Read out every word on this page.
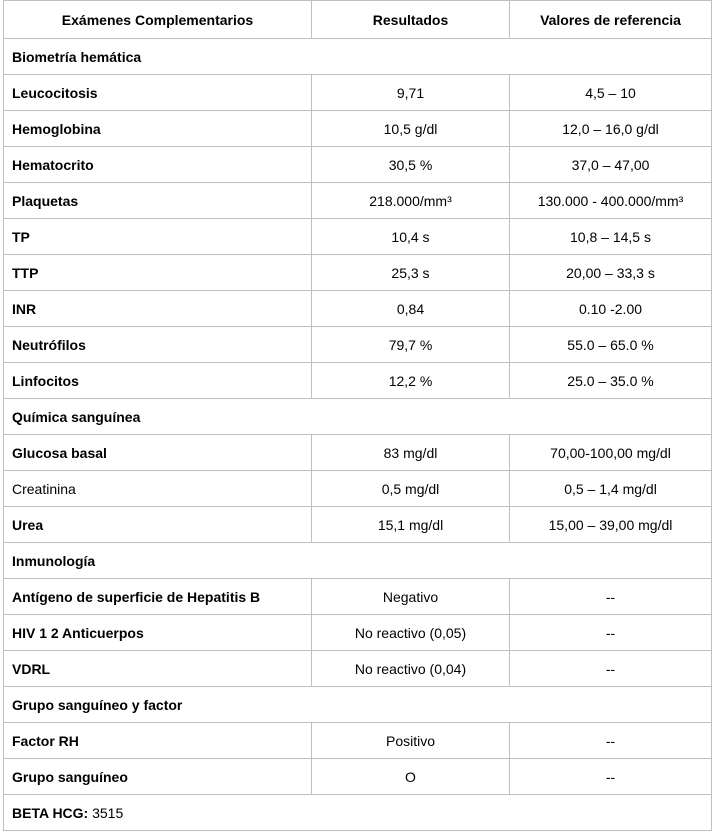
Exámenes Complementarios	Resultados	Valores de referencia
Biometría hemática		
Leucocitosis	9,71	4,5 – 10
Hemoglobina	10,5 g/dl	12,0 – 16,0 g/dl
Hematocrito	30,5 %	37,0 – 47,00
Plaquetas	218.000/mm³	130.000 - 400.000/mm³
TP	10,4 s	10,8 – 14,5 s
TTP	25,3 s	20,00 – 33,3 s
INR	0,84	0.10 -2.00
Neutrófilos	79,7 %	55.0 – 65.0 %
Linfocitos	12,2 %	25.0 – 35.0 %
Química sanguínea		
Glucosa basal	83 mg/dl	70,00-100,00 mg/dl
Creatinina	0,5 mg/dl	0,5 – 1,4 mg/dl
Urea	15,1 mg/dl	15,00 – 39,00 mg/dl
Inmunología		
Antígeno de superficie de Hepatitis B	Negativo	--
HIV 1 2 Anticuerpos	No reactivo (0,05)	--
VDRL	No reactivo (0,04)	--
Grupo sanguíneo y factor		
Factor RH	Positivo	--
Grupo sanguíneo	O	--
BETA HCG: 3515		
